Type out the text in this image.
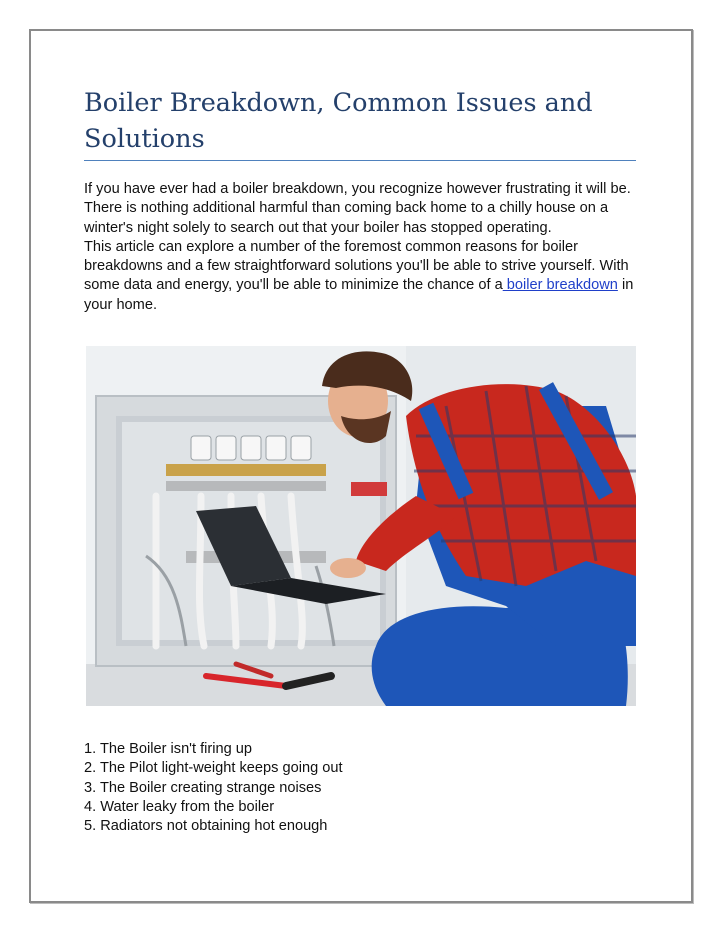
Boiler Breakdown, Common Issues and Solutions

If you have ever had a boiler breakdown, you recognize however frustrating it will be. There is nothing additional harmful than coming back home to a chilly house on a winter's night solely to search out that your boiler has stopped operating.

This article can explore a number of the foremost common reasons for boiler breakdowns and a few straightforward solutions you'll be able to strive yourself. With some data and energy, you'll be able to minimize the chance of a boiler breakdown in your home.

1. The Boiler isn't firing up
2. The Pilot light-weight keeps going out
3. The Boiler creating strange noises
4. Water leaky from the boiler
5. Radiators not obtaining hot enough
